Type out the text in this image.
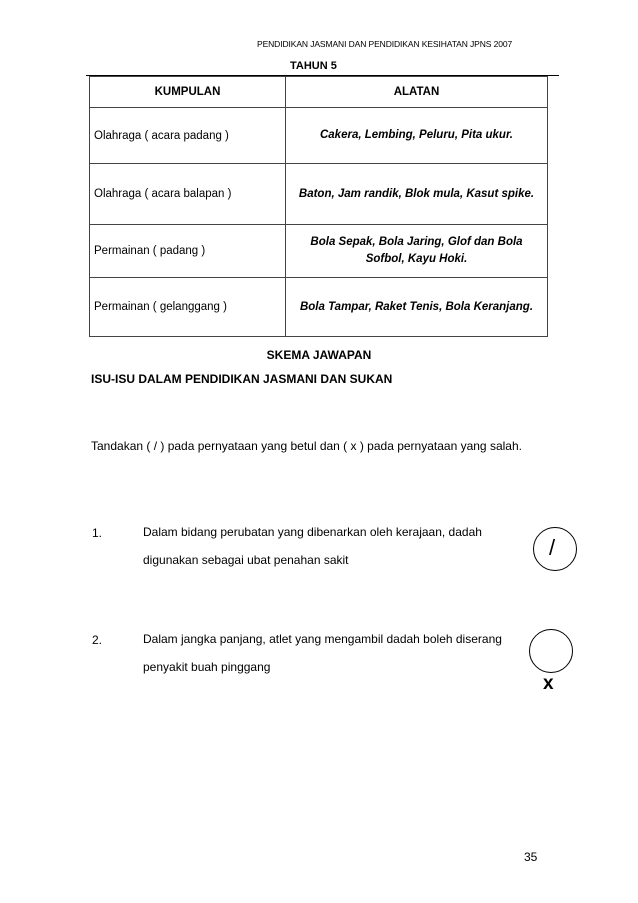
PENDIDIKAN JASMANI DAN PENDIDIKAN KESIHATAN JPNS 2007
TAHUN 5
KUMPULAN	ALATAN
Olahraga ( acara padang )	Cakera, Lembing, Peluru, Pita ukur.
Olahraga ( acara balapan )	Baton, Jam randik, Blok mula, Kasut spike.
Permainan ( padang )	Bola Sepak, Bola Jaring, Glof dan Bola Sofbol, Kayu Hoki.
Permainan ( gelanggang )	Bola Tampar, Raket Tenis, Bola Keranjang.
SKEMA JAWAPAN
ISU-ISU DALAM PENDIDIKAN JASMANI DAN SUKAN
Tandakan ( / ) pada pernyataan yang betul dan ( x ) pada pernyataan yang salah.
1.	Dalam bidang perubatan yang dibenarkan oleh kerajaan, dadah digunakan sebagai ubat penahan sakit	/
2.	Dalam jangka panjang, atlet yang mengambil dadah boleh diserang penyakit buah pinggang
x
35
